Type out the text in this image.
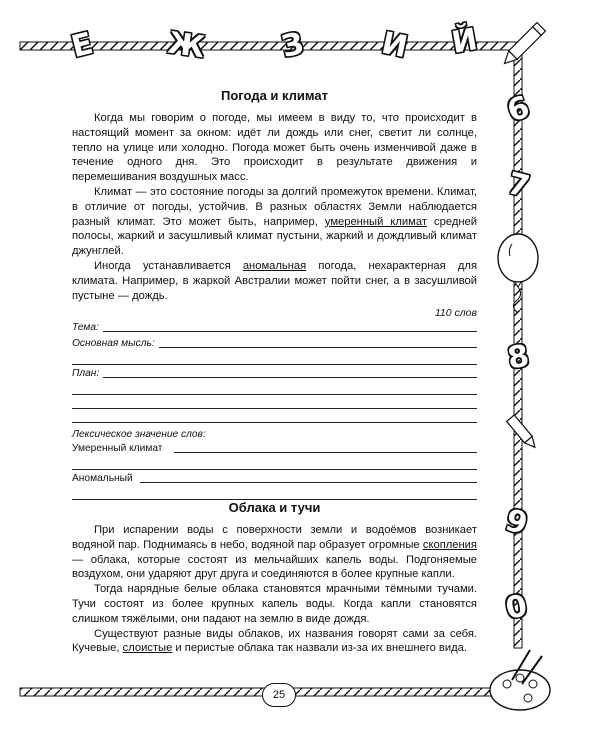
Е Ж З И Й
6
7
8
9
0
Погода и климат

Когда мы говорим о погоде, мы имеем в виду то, что происходит в настоящий момент за окном: идёт ли дождь или снег, светит ли солнце, тепло на улице или холодно. Погода может быть очень изменчивой даже в течение одного дня. Это происходит в результате движения и перемешивания воздушных масс.

Климат — это состояние погоды за долгий промежуток времени. Климат, в отличие от погоды, устойчив. В разных областях Земли наблюдается разный климат. Это может быть, например, умеренный климат средней полосы, жаркий и засушливый климат пустыни, жаркий и дождливый климат джунглей.

Иногда устанавливается аномальная погода, нехарактерная для климата. Например, в жаркой Австралии может пойти снег, а в засушливой пустыне — дождь.

110 слов
Тема:
Основная мысль:
План:
Лексическое значение слов:
Умеренный климат
Аномальный
Облака и тучи

При испарении воды с поверхности земли и водоёмов возникает водяной пар. Поднимаясь в небо, водяной пар образует огромные скопления — облака, которые состоят из мельчайших капель воды. Подгоняемые воздухом, они ударяют друг друга и соединяются в более крупные капли.

Тогда нарядные белые облака становятся мрачными тёмными тучами. Тучи состоят из более крупных капель воды. Когда капли становятся слишком тяжёлыми, они падают на землю в виде дождя.

Существуют разные виды облаков, их названия говорят сами за себя. Кучевые, слоистые и перистые облака так назвали из-за их внешнего вида.

25
